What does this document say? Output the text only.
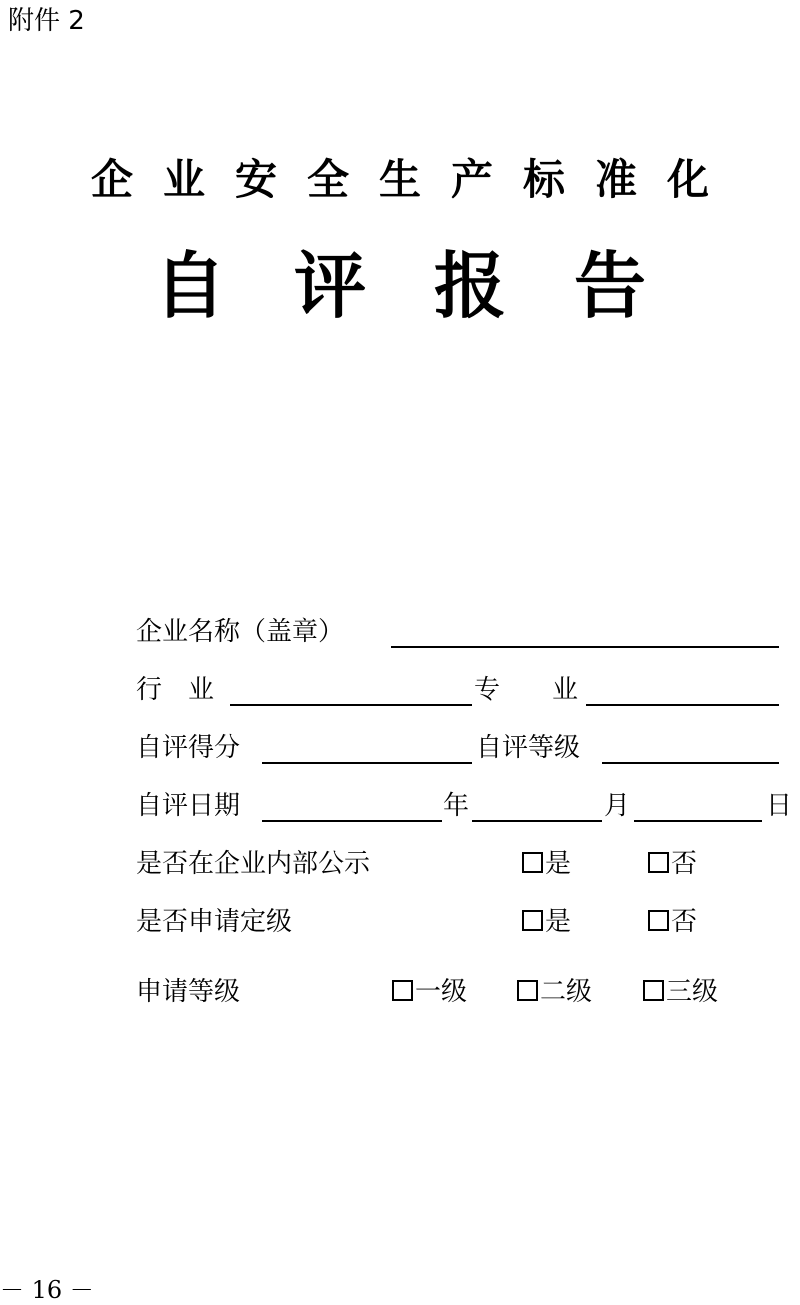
附件 2
企业安全生产标准化
自评报告
企业名称（盖章）
行　业	专　　业
自评得分	自评等级
自评日期	年	月	日
是否在企业内部公示	是	否
是否申请定级	是	否
申请等级	一级	二级	三级
－ 16 －
